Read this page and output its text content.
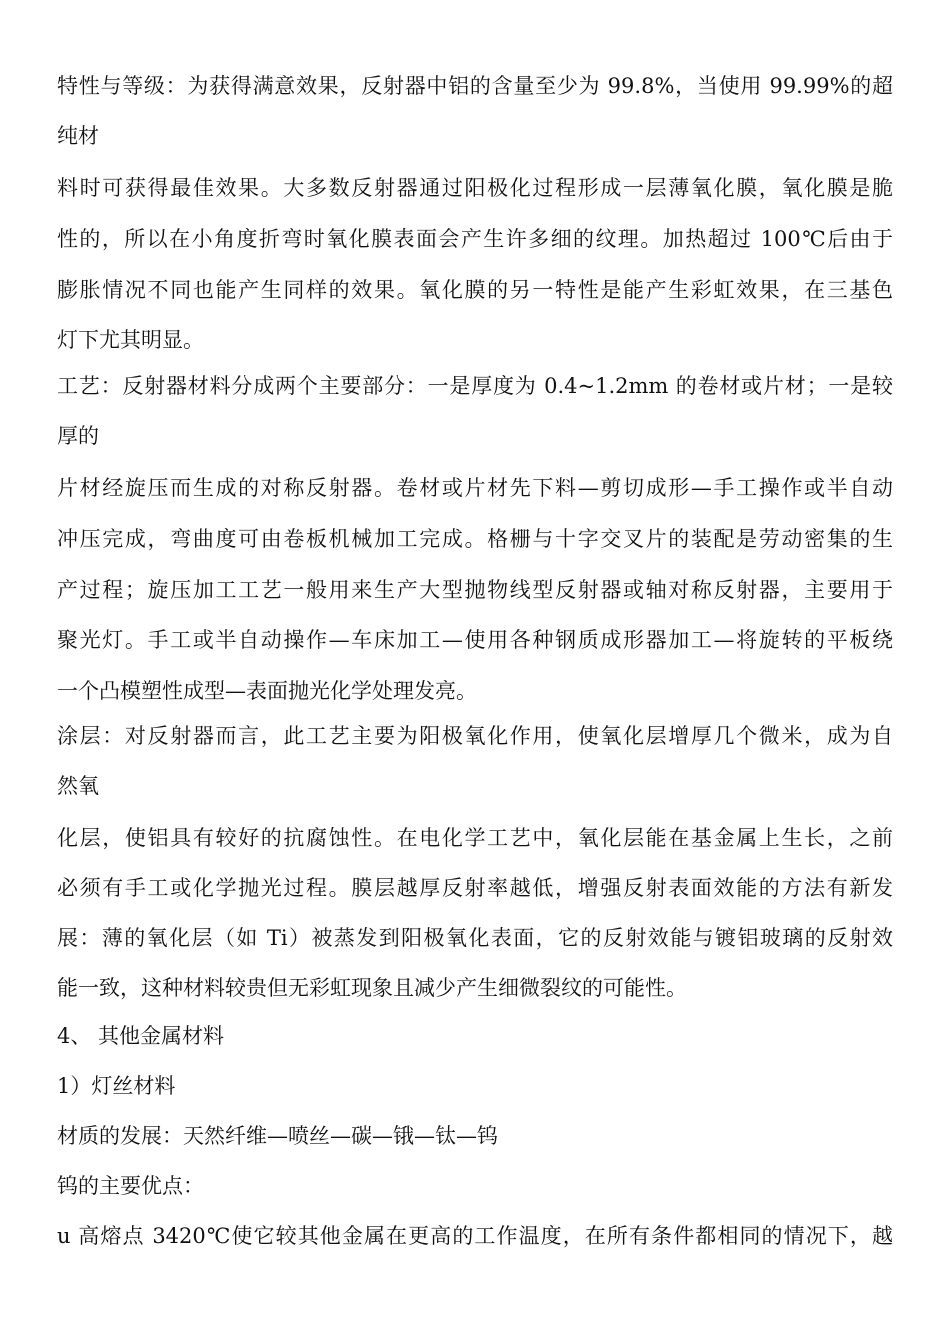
特性与等级：为获得满意效果，反射器中铝的含量至少为 99.8%，当使用 99.99%的超
纯材
料时可获得最佳效果。大多数反射器通过阳极化过程形成一层薄氧化膜，氧化膜是脆
性的，所以在小角度折弯时氧化膜表面会产生许多细的纹理。加热超过 100℃后由于
膨胀情况不同也能产生同样的效果。氧化膜的另一特性是能产生彩虹效果，在三基色
灯下尤其明显。
工艺：反射器材料分成两个主要部分：一是厚度为 0.4~1.2mm 的卷材或片材；一是较
厚的
片材经旋压而生成的对称反射器。卷材或片材先下料—剪切成形—手工操作或半自动
冲压完成，弯曲度可由卷板机械加工完成。格栅与十字交叉片的装配是劳动密集的生
产过程；旋压加工工艺一般用来生产大型抛物线型反射器或轴对称反射器，主要用于
聚光灯。手工或半自动操作—车床加工—使用各种钢质成形器加工—将旋转的平板绕
一个凸模塑性成型—表面抛光化学处理发亮。
涂层：对反射器而言，此工艺主要为阳极氧化作用，使氧化层增厚几个微米，成为自
然氧
化层，使铝具有较好的抗腐蚀性。在电化学工艺中，氧化层能在基金属上生长，之前
必须有手工或化学抛光过程。膜层越厚反射率越低，增强反射表面效能的方法有新发
展：薄的氧化层（如 Ti）被蒸发到阳极氧化表面，它的反射效能与镀铝玻璃的反射效
能一致，这种材料较贵但无彩虹现象且减少产生细微裂纹的可能性。
4、 其他金属材料
1）灯丝材料
材质的发展：天然纤维—喷丝—碳—锇—钛—钨
钨的主要优点：
u 高熔点 3420℃使它较其他金属在更高的工作温度，在所有条件都相同的情况下，越
